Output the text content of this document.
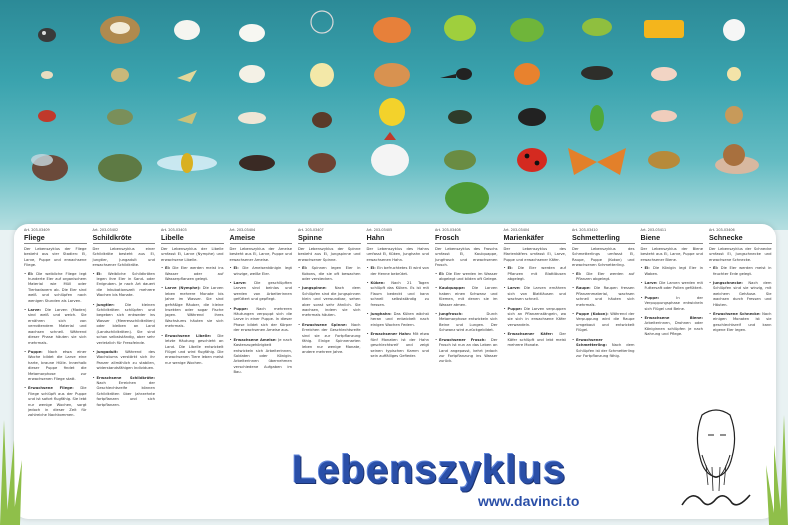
Art. 203-03409
Fliege
Der Lebenszyklus der Fliege besteht aus vier Stadien: Ei, Larve, Puppe und erwachsene Fliege.
• Ei: Die weibliche Fliege legt hunderte Eier auf organischem Material wie Müll oder Tierkadavern ab. Die Eier sind weiß und schlüpfen nach wenigen Stunden als Larven.
• Larve: Die Larven (Maden) sind weiß und weich. Sie ernähren sich von verrottendem Material und wachsen schnell. Während dieser Phase häuten sie sich mehrmals.
• Puppe: Nach etwa einer Woche bildet die Larve eine harte, braune Hülle. Innerhalb dieser Puppe findet die Metamorphose zur erwachsenen Fliege statt.
• Erwachsene Fliege: Die Fliege schlüpft aus der Puppe und ist sofort flugfähig. Sie lebt nur wenige Wochen, sorgt jedoch in dieser Zeit für zahlreiche Nachkommen.
Art. 203-03402
Schildkröte
Der Lebenszyklus einer Schildkröte besteht aus Ei, Jungtier, Jungadult und erwachsener Schildkröte.
• Ei: Weibliche Schildkröten legen ihre Eier in Sand- oder Erdgruben. Je nach Art dauert die Inkubationszeit mehrere Wochen bis Monate.
• Jungtier:	Die kleinen Schildkröten schlüpfen und begeben sich entweder ins Wasser (Meeresschildkröten) oder bleiben an Land (Landschildkröten). Sie sind schon selbstständig, aber sehr verletzlich für Fressfeinde.
• Jungadult: Während des Wachstums verstärkt sich ihr Panzer allmählich zu stabilen, widerstandsfähigen Individuen.
• Erwachsene Schildkröte: Nach Erreichen der Geschlechtsreife können Schildkröten über Jahrzehnte fortpflanzen und sich fortpflanzen.
Art. 203-03403
Libelle
Der Lebenszyklus der Libelle umfasst Ei, Larve (Nymphe) und erwachsene Libelle.
• Ei: Die Eier werden meist ins Wasser oder auf Wasserpflanzen gelegt.
• Larve (Nymphe): Die Larven leben mehrere Monate bis Jahre im Wasser. Sie sind gefräßige Räuber, die kleine Insekten oder sogar Fische jagen. Während ihres Wachstums häuten sie sich mehrmals.
• Erwachsene Libelle: Die letzte Häutung geschieht an Land. Die Libelle entwickelt Flügel und wird flugfähig. Die erwachsenen Tiere leben meist nur wenige Wochen.
Art. 203-03404
Ameise
Der Lebenszyklus der Ameise besteht aus Ei, Larve, Puppe und erwachsener Ameise.
• Ei: Die Ameisenkönigin legt winzige, weiße Eier.
• Larve: Die geschlüpften Larven sind beinlos und werden von Arbeiterinnen gefüttert und gepflegt.
• Puppe: Nach mehreren Häutungen verpuppt sich die Larve in einer Puppe. In dieser Phase bildet sich der Körper der erwachsenen Ameise aus.
• Erwachsene Ameise: Je nach Kastenzugehörigkeit entwickeln sich Arbeiterinnen, Soldaten oder Königin. Arbeiterinnen übernehmen verschiedene Aufgaben im Bau.
Art. 203-03407
Spinne
Der Lebenszyklus der Spinne besteht aus Ei, Jungspinne und erwachsener Spinne.
• Ei: Spinnen legen Eier in Kokons, die sie oft bewachen oder verstecken.
• Jungspinne: Nach dem Schlüpfen sind die Jungspinnen klein und verwundbar, sehen aber sonst sehr ähnlich. Sie wachsen, indem sie sich mehrmals häuten.
• Erwachsene Spinne: Nach Erreichen der Geschlechtsreife sind sie zur Fortpflanzung fähig. Einige Spinnenarten leben nur wenige Monate, andere mehrere Jahre.
Art. 203-03405
Hahn
Der Lebenszyklus des Hahns umfasst Ei, Küken, Junghahn und erwachsenen Hahn.
• Ei: Ein befruchtetes Ei wird von der Henne bebrütet.
• Küken: Nach 21 Tagen schlüpft das Küken. Es ist mit Flaum bedeckt und kann schnell selbstständig zu fressen.
• Junghahn: Das Küken wächst heran und entwickelt nach einigen Wochen Federn.
• Erwachsener Hahn: Mit etwa fünf Monaten ist der Hahn geschlechtsreif und zeigt seinen typischen Kamm und sein auffälliges Gefieder.
Art. 203-03408
Frosch
Der Lebenszyklus des Froschs umfasst Ei, Kaulquappe, Jungfrosch und erwachsenen Frosch.
• Ei: Die Eier werden im Wasser abgelegt und bilden oft Gelege.
• Kaulquappe: Die Larven haben einen Schwanz und Kiemen, mit denen sie im Wasser atmen.
• Jungfrosch:	Durch Metamorphose entwickeln sich Beine und Lungen. Der Schwanz wird zurückgebildet.
• Erwachsener Frosch: Der Frosch ist nun an das Leben an Land angepasst, kehrt jedoch zur Fortpflanzung ins Wasser zurück.
Art. 203-03404
Marienkäfer
Der Lebenszyklus des Marienkäfers umfasst Ei, Larve, Puppe und erwachsener Käfer.
• Ei: Die Eier werden auf Pflanzen mit Blattläusen abgelegt.
• Larve: Die Larven ernähren sich von Blattläusen und wachsen schnell.
• Puppe: Die Larven verpuppen sich an Pflanzenstängeln, wo sie sich in erwachsene Käfer verwandeln.
• Erwachsener Käfer: Der Käfer schlüpft und lebt meist mehrere Monate.
Art. 203-03410
Schmetterling
Der Lebenszyklus des Schmetterlings umfasst Ei, Raupe, Puppe (Kokon) und erwachsenen Schmetterling.
• Ei: Die Eier werden auf Pflanzen abgelegt.
• Raupe: Die Raupen fressen Pflanzenmaterial, wachsen schnell und häuten sich mehrmals.
• Puppe (Kokon): Während der Verpuppung wird die Raupe umgebaut und entwickelt Flügel.
• Erwachsener Schmetterling: Nach dem Schlüpfen ist der Schmetterling zur Fortpflanzung fähig.
Art. 203-03411
Biene
Der Lebenszyklus der Biene besteht aus Ei, Larve, Puppe und erwachsener Biene.
• Ei: Die Königin legt Eier in Waben.
• Larve: Die Larven werden mit Futtersaft oder Pollen gefüttert.
• Puppe:	In der Verpuppungsphase entwickeln sich Flügel und Beine.
• Erwachsene Biene: Arbeiterinnen, Drohnen oder Königinnen schlüpfen je nach Nahrung und Pflege.
Art. 203-03406
Schnecke
Der Lebenszyklus der Schnecke umfasst Ei, Jungschnecke und erwachsene Schnecke.
• Ei: Die Eier werden meist in feuchter Erde gelegt.
• Jungschnecke: Nach dem Schlüpfen sind sie winzig, mit weichem Gehäuse. Sie wachsen durch Fressen und Häuten.
• Erwachsene Schnecke: Nach einigen Monaten ist sie geschlechtsreif und kann eigene Eier legen.
Lebenszyklus
www.davinci.to
